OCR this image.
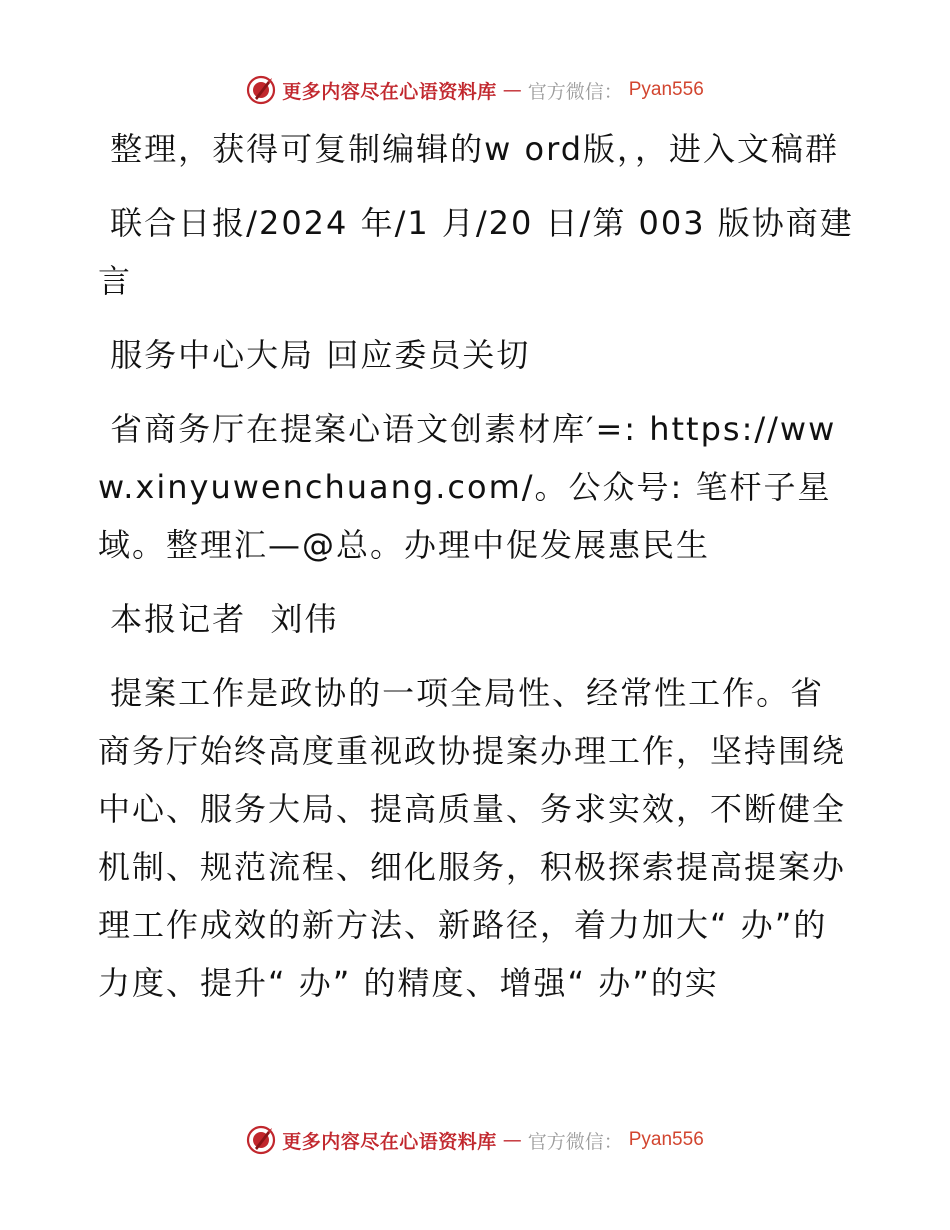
更多内容尽在心语资料库 — 官方微信： Pyan556

整理，获得可复制编辑的w ord版，，进入文稿群

联合日报/2024 年/1 月/20 日/第 003 版协商建言

服务中心大局 回应委员关切

省商务厅在提案心语文创素材库′=: https://www.xinyuwenchuang.com/。公众号: 笔杆子星域。整理汇—@总。办理中促发展惠民生

本报记者  刘伟

提案工作是政协的一项全局性、经常性工作。省商务厅始终高度重视政协提案办理工作，坚持围绕中心、服务大局、提高质量、务求实效，不断健全机制、规范流程、细化服务，积极探索提高提案办理工作成效的新方法、新路径，着力加大“ 办”的力度、提升“ 办” 的精度、增强“ 办”的实

更多内容尽在心语资料库 — 官方微信： Pyan556
